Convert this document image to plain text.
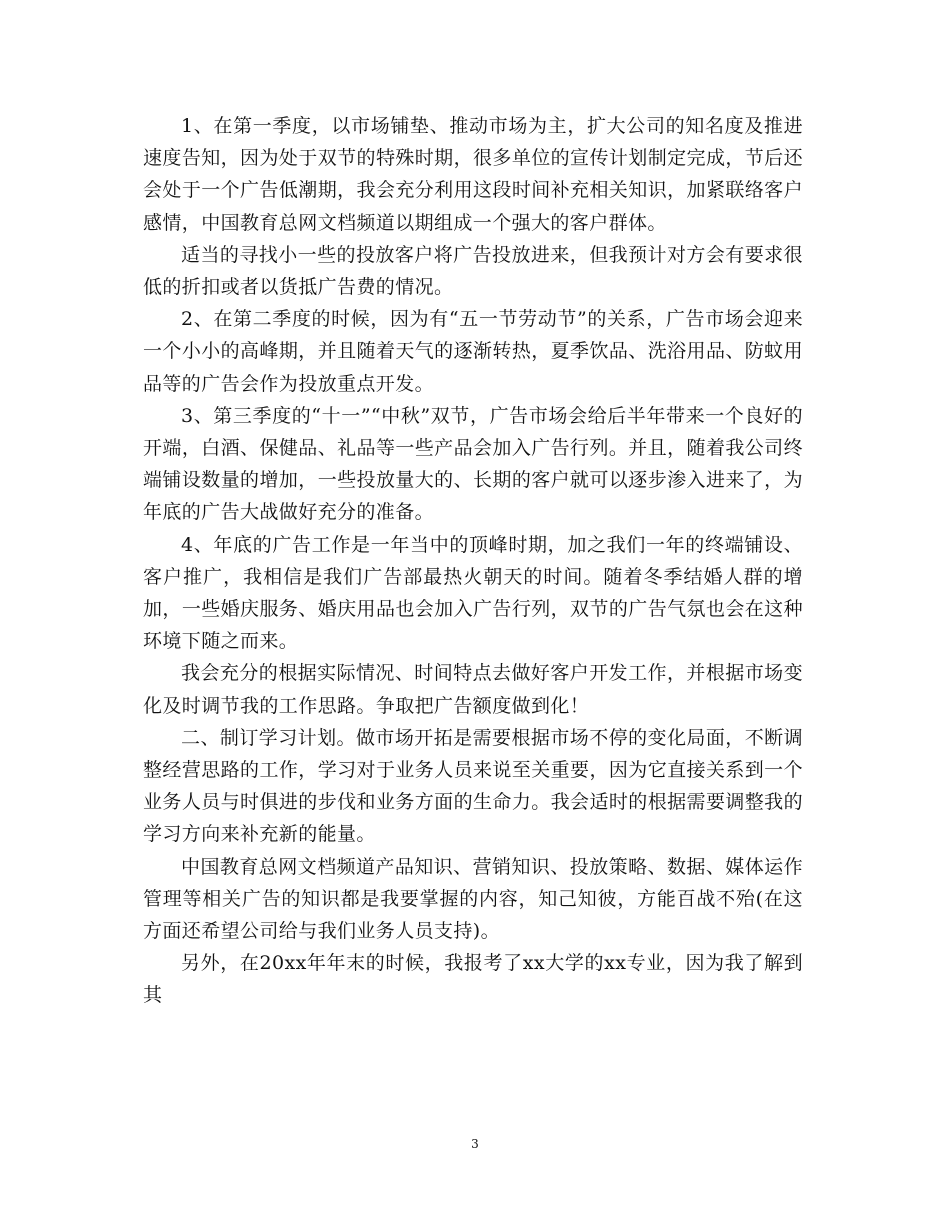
1、在第一季度，以市场铺垫、推动市场为主，扩大公司的知名度及推进速度告知，因为处于双节的特殊时期，很多单位的宣传计划制定完成，节后还会处于一个广告低潮期，我会充分利用这段时间补充相关知识，加紧联络客户感情，中国教育总网文档频道以期组成一个强大的客户群体。

适当的寻找小一些的投放客户将广告投放进来，但我预计对方会有要求很低的折扣或者以货抵广告费的情况。

2、在第二季度的时候，因为有“五一节劳动节”的关系，广告市场会迎来一个小小的高峰期，并且随着天气的逐渐转热，夏季饮品、洗浴用品、防蚊用品等的广告会作为投放重点开发。

3、第三季度的“十一”“中秋”双节，广告市场会给后半年带来一个良好的开端，白酒、保健品、礼品等一些产品会加入广告行列。并且，随着我公司终端铺设数量的增加，一些投放量大的、长期的客户就可以逐步渗入进来了，为年底的广告大战做好充分的准备。

4、年底的广告工作是一年当中的顶峰时期，加之我们一年的终端铺设、客户推广，我相信是我们广告部最热火朝天的时间。随着冬季结婚人群的增加，一些婚庆服务、婚庆用品也会加入广告行列，双节的广告气氛也会在这种环境下随之而来。

我会充分的根据实际情况、时间特点去做好客户开发工作，并根据市场变化及时调节我的工作思路。争取把广告额度做到化！

二、制订学习计划。做市场开拓是需要根据市场不停的变化局面，不断调整经营思路的工作，学习对于业务人员来说至关重要，因为它直接关系到一个业务人员与时俱进的步伐和业务方面的生命力。我会适时的根据需要调整我的学习方向来补充新的能量。

中国教育总网文档频道产品知识、营销知识、投放策略、数据、媒体运作管理等相关广告的知识都是我要掌握的内容，知己知彼，方能百战不殆(在这方面还希望公司给与我们业务人员支持)。

另外，在20xx年年末的时候，我报考了xx大学的xx专业，因为我了解到其

3
